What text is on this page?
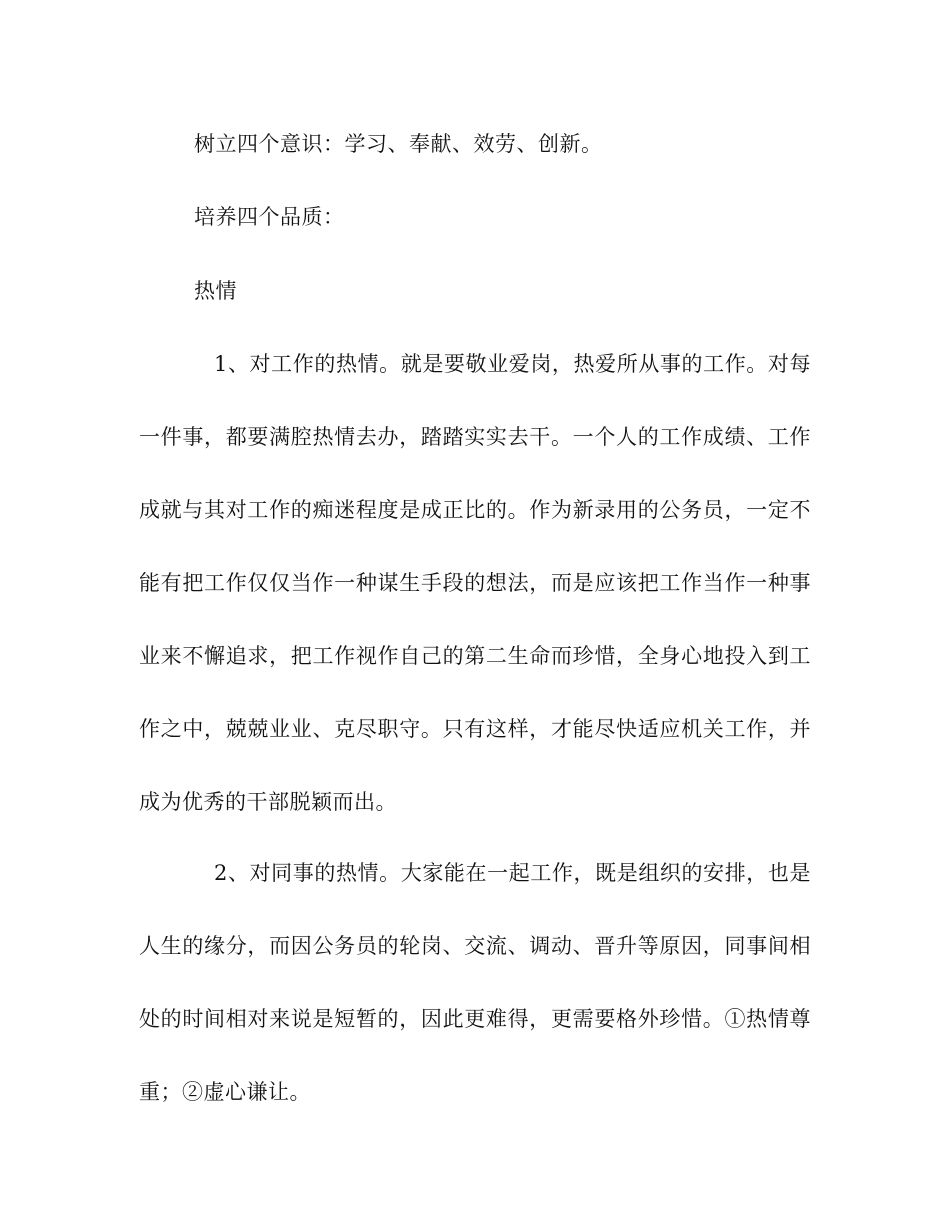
树立四个意识：学习、奉献、效劳、创新。
培养四个品质：
热情
1、对工作的热情。就是要敬业爱岗，热爱所从事的工作。对每
一件事，都要满腔热情去办，踏踏实实去干。一个人的工作成绩、工作
成就与其对工作的痴迷程度是成正比的。作为新录用的公务员，一定不
能有把工作仅仅当作一种谋生手段的想法，而是应该把工作当作一种事
业来不懈追求，把工作视作自己的第二生命而珍惜，全身心地投入到工
作之中，兢兢业业、克尽职守。只有这样，才能尽快适应机关工作，并
成为优秀的干部脱颖而出。
2、对同事的热情。大家能在一起工作，既是组织的安排，也是
人生的缘分，而因公务员的轮岗、交流、调动、晋升等原因，同事间相
处的时间相对来说是短暂的，因此更难得，更需要格外珍惜。①热情尊
重；②虚心谦让。
